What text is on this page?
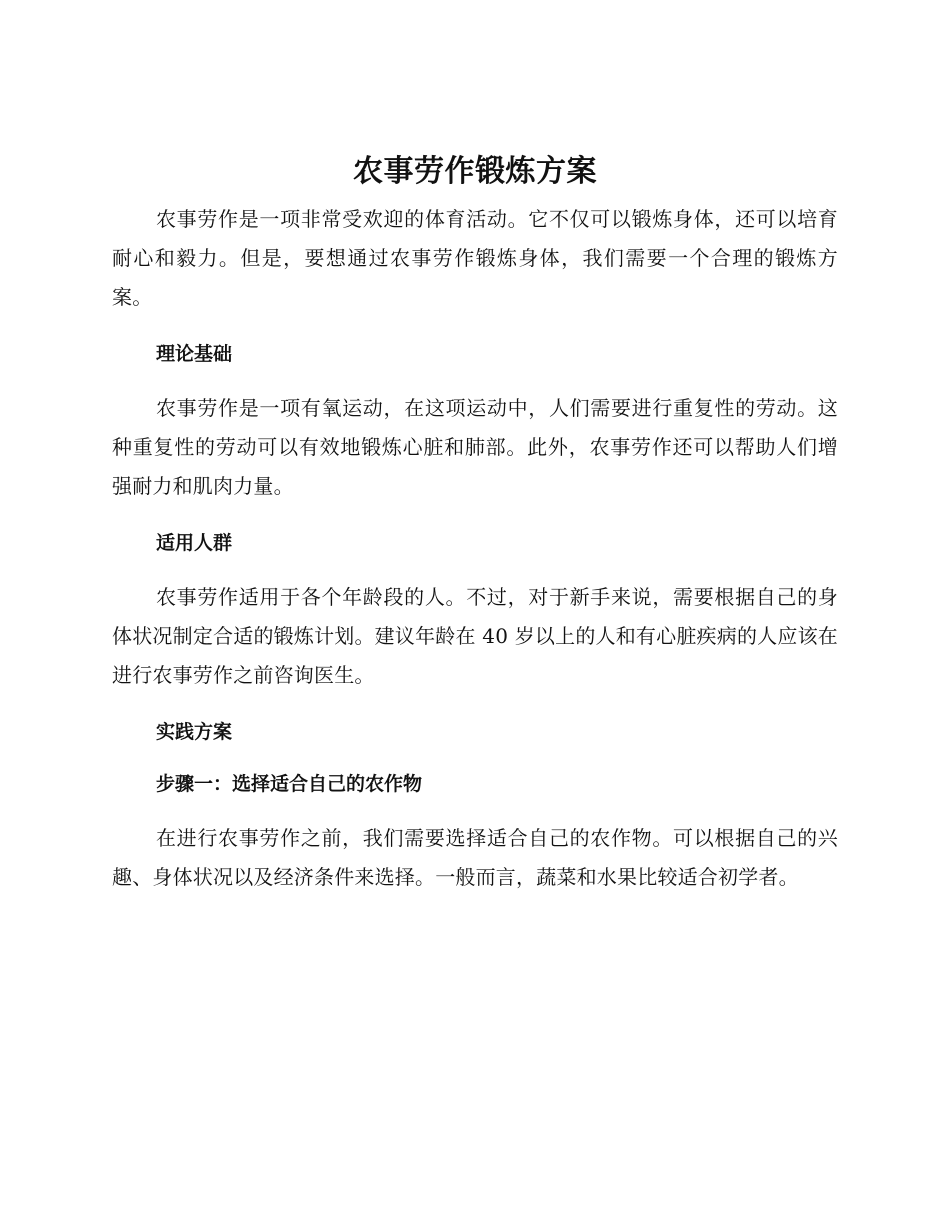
农事劳作锻炼方案

农事劳作是一项非常受欢迎的体育活动。它不仅可以锻炼身体，还可以培育耐心和毅力。但是，要想通过农事劳作锻炼身体，我们需要一个合理的锻炼方案。

理论基础

农事劳作是一项有氧运动，在这项运动中，人们需要进行重复性的劳动。这种重复性的劳动可以有效地锻炼心脏和肺部。此外，农事劳作还可以帮助人们增强耐力和肌肉力量。

适用人群

农事劳作适用于各个年龄段的人。不过，对于新手来说，需要根据自己的身体状况制定合适的锻炼计划。建议年龄在 40 岁以上的人和有心脏疾病的人应该在进行农事劳作之前咨询医生。

实践方案
步骤一：选择适合自己的农作物

在进行农事劳作之前，我们需要选择适合自己的农作物。可以根据自己的兴趣、身体状况以及经济条件来选择。一般而言，蔬菜和水果比较适合初学者。
